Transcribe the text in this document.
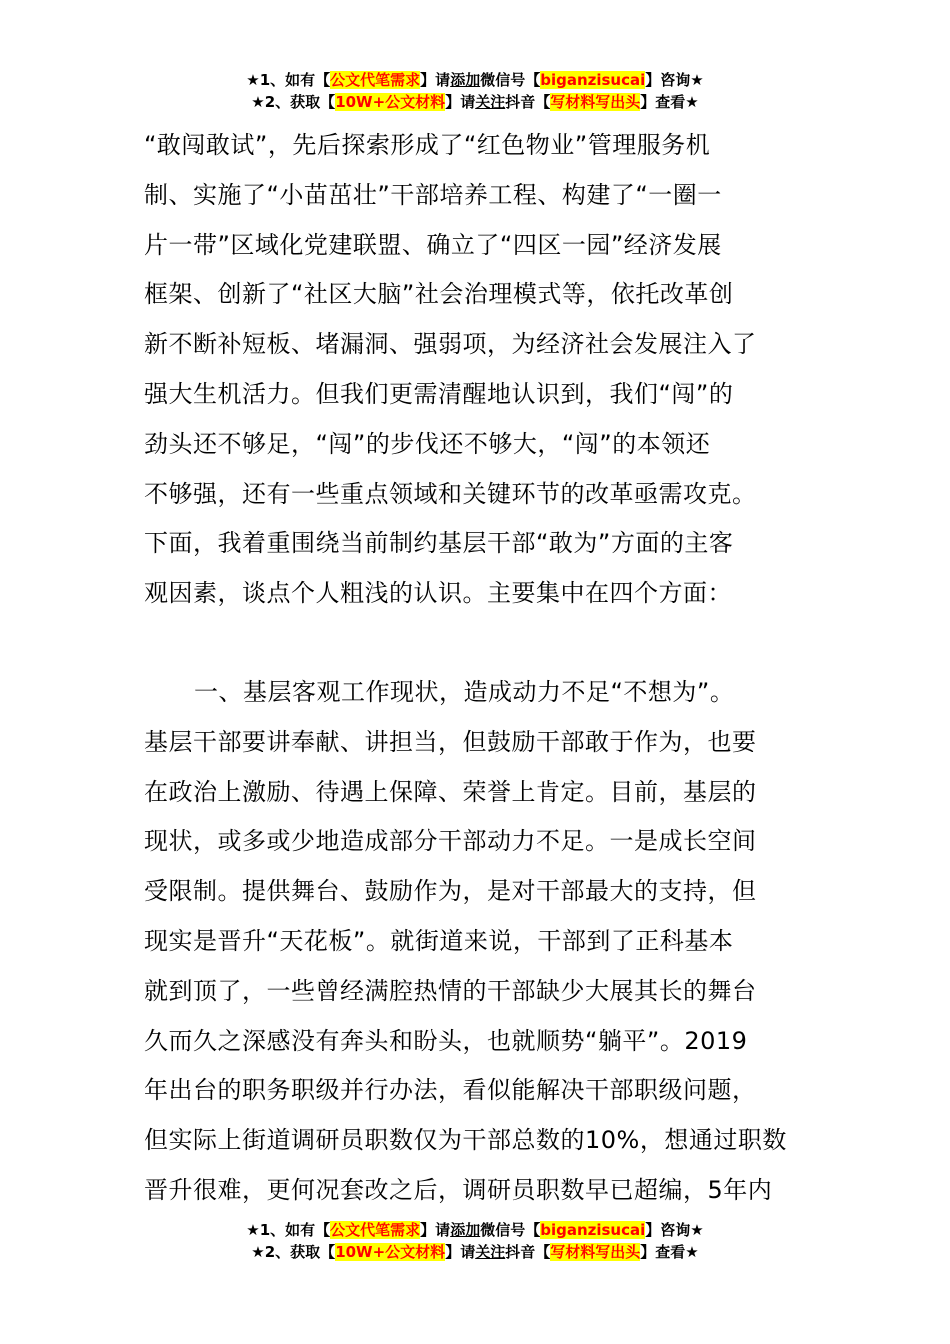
★1、如有【公文代笔需求】请添加微信号【biganzisucai】咨询★
★2、获取【10W+公文材料】请关注抖音【写材料写出头】查看★

“敢闯敢试”，先后探索形成了“红色物业”管理服务机

制、实施了“小苗茁壮”干部培养工程、构建了“一圈一

片一带”区域化党建联盟、确立了“四区一园”经济发展

框架、创新了“社区大脑”社会治理模式等，依托改革创

新不断补短板、堵漏洞、强弱项，为经济社会发展注入了

强大生机活力。但我们更需清醒地认识到，我们“闯”的

劲头还不够足，“闯”的步伐还不够大，“闯”的本领还

不够强，还有一些重点领域和关键环节的改革亟需攻克。

下面，我着重围绕当前制约基层干部“敢为”方面的主客

观因素，谈点个人粗浅的认识。主要集中在四个方面：

一、基层客观工作现状，造成动力不足“不想为”。

基层干部要讲奉献、讲担当，但鼓励干部敢于作为，也要

在政治上激励、待遇上保障、荣誉上肯定。目前，基层的

现状，或多或少地造成部分干部动力不足。一是成长空间

受限制。提供舞台、鼓励作为，是对干部最大的支持，但

现实是晋升“天花板”。就街道来说，干部到了正科基本

就到顶了，一些曾经满腔热情的干部缺少大展其长的舞台

久而久之深感没有奔头和盼头，也就顺势“躺平”。2019

年出台的职务职级并行办法，看似能解决干部职级问题，

但实际上街道调研员职数仅为干部总数的10%，想通过职数

晋升很难，更何况套改之后，调研员职数早已超编，5年内

★1、如有【公文代笔需求】请添加微信号【biganzisucai】咨询★
★2、获取【10W+公文材料】请关注抖音【写材料写出头】查看★
